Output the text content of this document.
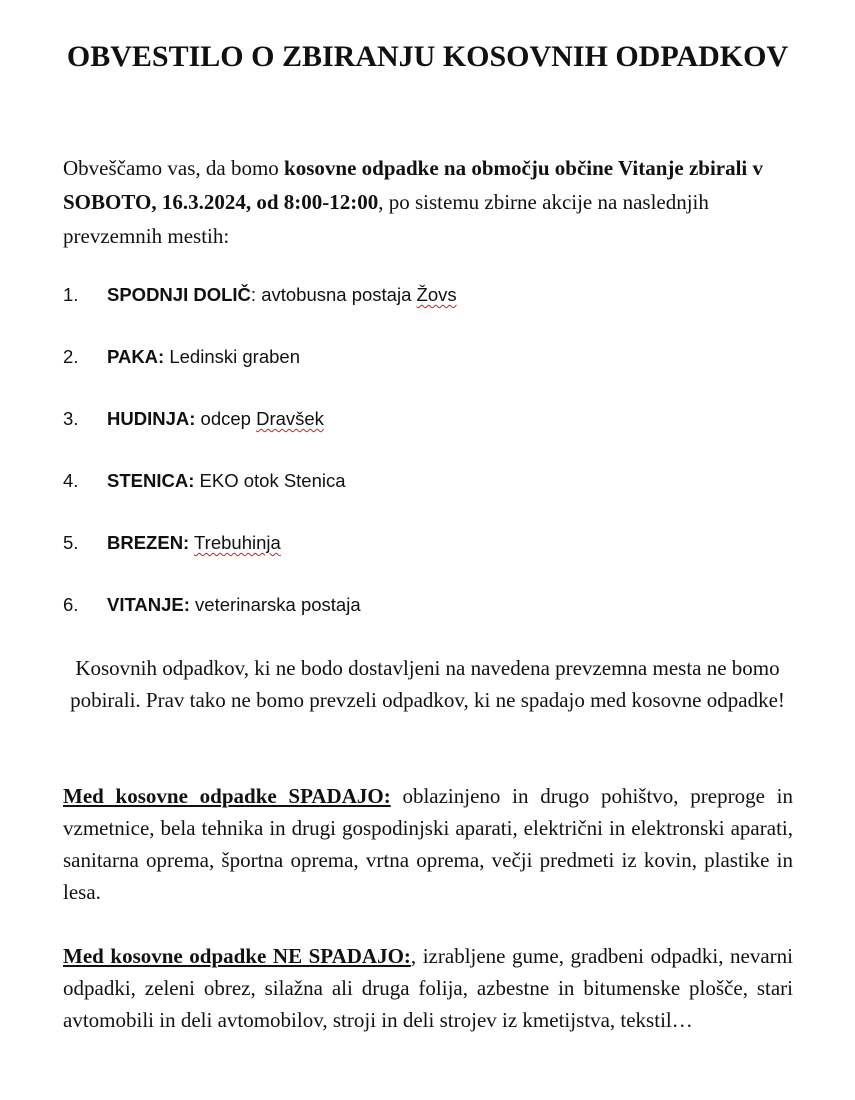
OBVESTILO O ZBIRANJU KOSOVNIH ODPADKOV

Obveščamo vas, da bomo kosovne odpadke na območju občine Vitanje zbirali v SOBOTO, 16.3.2024, od 8:00-12:00, po sistemu zbirne akcije na naslednjih prevzemnih mestih:

1. SPODNJI DOLIČ: avtobusna postaja Žovs
2. PAKA: Ledinski graben
3. HUDINJA: odcep Dravšek
4. STENICA: EKO otok Stenica
5. BREZEN: Trebuhinja
6. VITANJE: veterinarska postaja

Kosovnih odpadkov, ki ne bodo dostavljeni na navedena prevzemna mesta ne bomo pobirali. Prav tako ne bomo prevzeli odpadkov, ki ne spadajo med kosovne odpadke!

Med kosovne odpadke SPADAJO: oblazinjeno in drugo pohištvo, preproge in vzmetnice, bela tehnika in drugi gospodinjski aparati, električni in elektronski aparati, sanitarna oprema, športna oprema, vrtna oprema, večji predmeti iz kovin, plastike in lesa.

Med kosovne odpadke NE SPADAJO:, izrabljene gume, gradbeni odpadki, nevarni odpadki, zeleni obrez, silažna ali druga folija, azbestne in bitumenske plošče, stari avtomobili in deli avtomobilov, stroji in deli strojev iz kmetijstva, tekstil…
